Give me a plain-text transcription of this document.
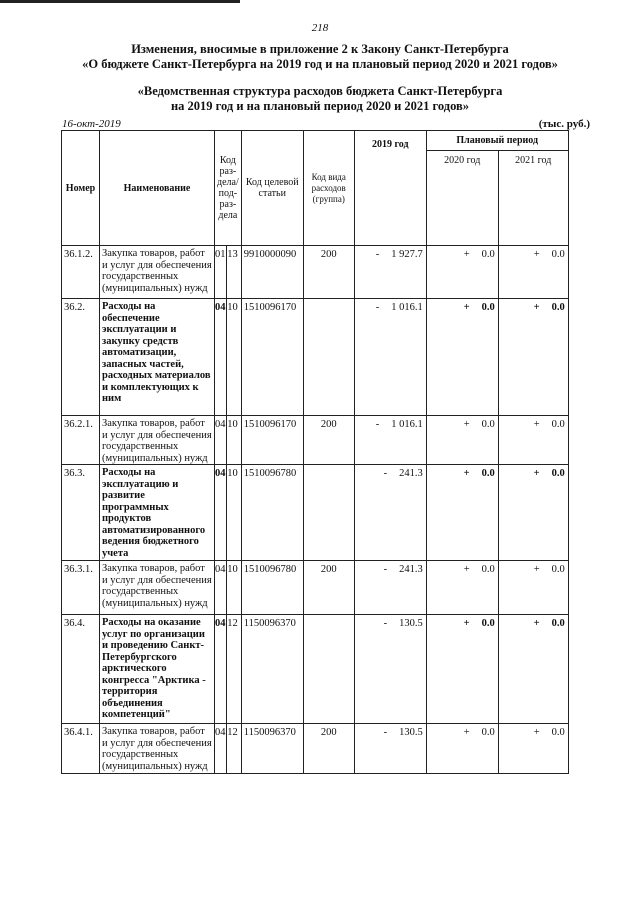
218
Изменения, вносимые в приложение 2 к Закону Санкт-Петербурга
«О бюджете Санкт-Петербурга на 2019 год и на плановый период 2020 и 2021 годов»
«Ведомственная структура расходов бюджета Санкт-Петербурга
на 2019 год и на плановый период 2020 и 2021 годов»
16-окт-2019	(тыс. руб.)
Номер	Наименование	Код раз-дела/ под-раз-дела		Код целевой статьи	Код вида расходов (группа)	2019 год	Плановый период	
							2020 год	2021 год
36.1.2.	Закупка товаров, работ и услуг для обеспечения государственных (муниципальных) нужд	01	13	9910000090	200	- 1 927.7	+ 0.0	+ 0.0
36.2.	Расходы на обеспечение эксплуатации и закупку средств автоматизации, запасных частей, расходных материалов и комплектующих к ним	04	10	1510096170		- 1 016.1	+ 0.0	+ 0.0
36.2.1.	Закупка товаров, работ и услуг для обеспечения государственных (муниципальных) нужд	04	10	1510096170	200	- 1 016.1	+ 0.0	+ 0.0
36.3.	Расходы на эксплуатацию и развитие программных продуктов автоматизированного ведения бюджетного учета	04	10	1510096780		- 241.3	+ 0.0	+ 0.0
36.3.1.	Закупка товаров, работ и услуг для обеспечения государственных (муниципальных) нужд	04	10	1510096780	200	- 241.3	+ 0.0	+ 0.0
36.4.	Расходы на оказание услуг по организации и проведению Санкт-Петербургского арктического конгресса "Арктика - территория объединения компетенций"	04	12	1150096370		- 130.5	+ 0.0	+ 0.0
36.4.1.	Закупка товаров, работ и услуг для обеспечения государственных (муниципальных) нужд	04	12	1150096370	200	- 130.5	+ 0.0	+ 0.0
